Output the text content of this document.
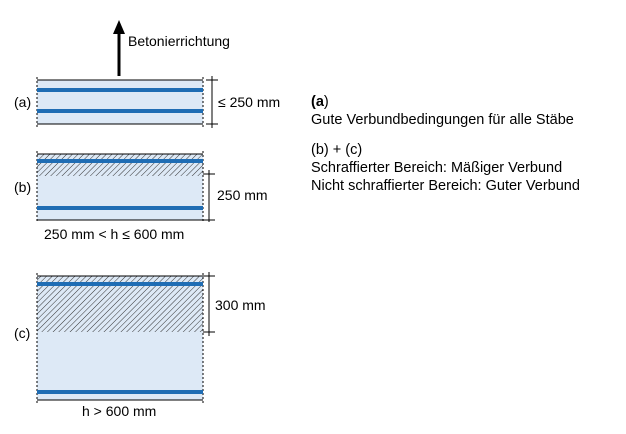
Betonierrichtung
(a)	≤ 250 mm
(b)	250 mm
250 mm < h ≤ 600 mm
(c)
300 mm
h > 600 mm
(a)
Gute Verbundbedingungen für alle Stäbe
(b) + (c)
Schraffierter Bereich: Mäßiger Verbund
Nicht schraffierter Bereich: Guter Verbund
